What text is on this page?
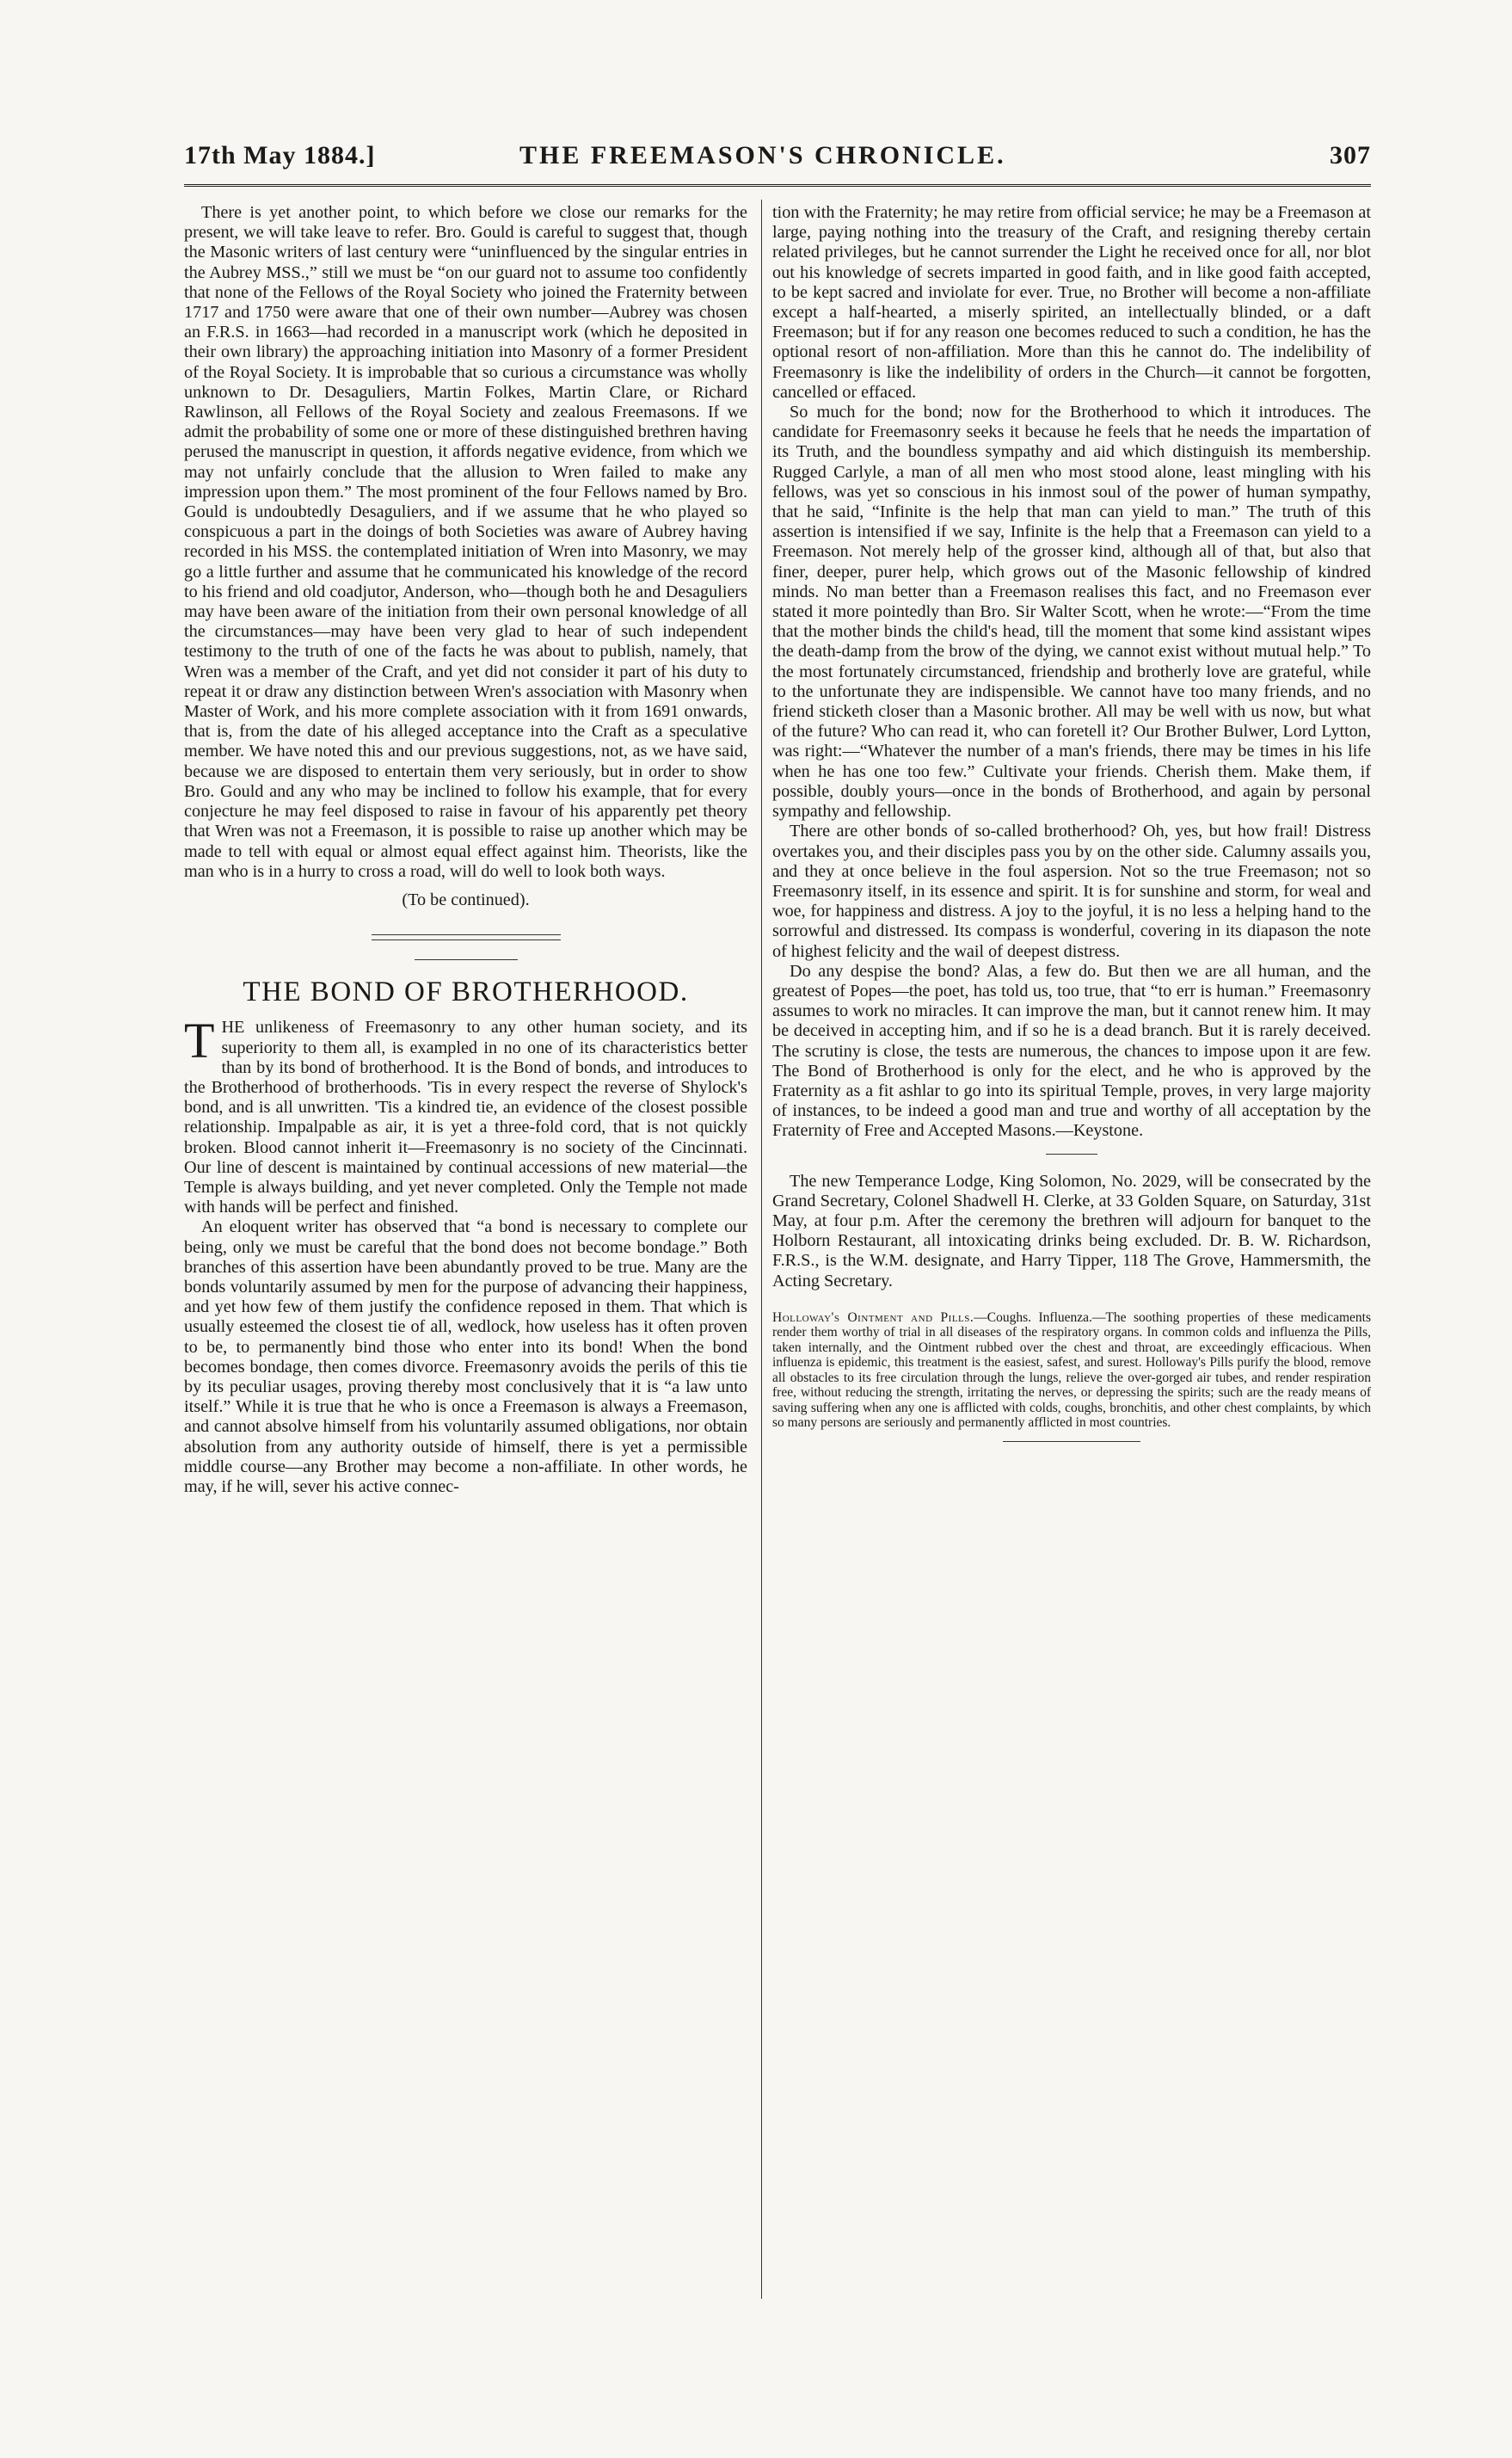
17th May 1884.]	THE FREEMASON'S CHRONICLE.	307

There is yet another point, to which before we close our remarks for the present, we will take leave to refer. Bro. Gould is careful to suggest that, though the Masonic writers of last century were “uninfluenced by the singular entries in the Aubrey MSS.,” still we must be “on our guard not to assume too confidently that none of the Fellows of the Royal Society who joined the Fraternity between 1717 and 1750 were aware that one of their own number—Aubrey was chosen an F.R.S. in 1663—had recorded in a manuscript work (which he deposited in their own library) the approaching initiation into Masonry of a former President of the Royal Society. It is improbable that so curious a circumstance was wholly unknown to Dr. Desaguliers, Martin Folkes, Martin Clare, or Richard Rawlinson, all Fellows of the Royal Society and zealous Freemasons. If we admit the probability of some one or more of these distinguished brethren having perused the manuscript in question, it affords negative evidence, from which we may not unfairly conclude that the allusion to Wren failed to make any impression upon them.” The most prominent of the four Fellows named by Bro. Gould is undoubtedly Desaguliers, and if we assume that he who played so conspicuous a part in the doings of both Societies was aware of Aubrey having recorded in his MSS. the contemplated initiation of Wren into Masonry, we may go a little further and assume that he communicated his knowledge of the record to his friend and old coadjutor, Anderson, who—though both he and Desaguliers may have been aware of the initiation from their own personal knowledge of all the circumstances—may have been very glad to hear of such independent testimony to the truth of one of the facts he was about to publish, namely, that Wren was a member of the Craft, and yet did not consider it part of his duty to repeat it or draw any distinction between Wren's association with Masonry when Master of Work, and his more complete association with it from 1691 onwards, that is, from the date of his alleged acceptance into the Craft as a speculative member. We have noted this and our previous suggestions, not, as we have said, because we are disposed to entertain them very seriously, but in order to show Bro. Gould and any who may be inclined to follow his example, that for every conjecture he may feel disposed to raise in favour of his apparently pet theory that Wren was not a Freemason, it is possible to raise up another which may be made to tell with equal or almost equal effect against him. Theorists, like the man who is in a hurry to cross a road, will do well to look both ways.

(To be continued).
THE BOND OF BROTHERHOOD.

THE unlikeness of Freemasonry to any other human society, and its superiority to them all, is exampled in no one of its characteristics better than by its bond of brotherhood. It is the Bond of bonds, and introduces to the Brotherhood of brotherhoods. 'Tis in every respect the reverse of Shylock's bond, and is all unwritten. 'Tis a kindred tie, an evidence of the closest possible relationship. Impalpable as air, it is yet a three-fold cord, that is not quickly broken. Blood cannot inherit it—Freemasonry is no society of the Cincinnati. Our line of descent is maintained by continual accessions of new material—the Temple is always building, and yet never completed. Only the Temple not made with hands will be perfect and finished.

An eloquent writer has observed that “a bond is necessary to complete our being, only we must be careful that the bond does not become bondage.” Both branches of this assertion have been abundantly proved to be true. Many are the bonds voluntarily assumed by men for the purpose of advancing their happiness, and yet how few of them justify the confidence reposed in them. That which is usually esteemed the closest tie of all, wedlock, how useless has it often proven to be, to permanently bind those who enter into its bond! When the bond becomes bondage, then comes divorce. Freemasonry avoids the perils of this tie by its peculiar usages, proving thereby most conclusively that it is “a law unto itself.” While it is true that he who is once a Freemason is always a Freemason, and cannot absolve himself from his voluntarily assumed obligations, nor obtain absolution from any authority outside of himself, there is yet a permissible middle course—any Brother may become a non-affiliate. In other words, he may, if he will, sever his active connec-

tion with the Fraternity; he may retire from official service; he may be a Freemason at large, paying nothing into the treasury of the Craft, and resigning thereby certain related privileges, but he cannot surrender the Light he received once for all, nor blot out his knowledge of secrets imparted in good faith, and in like good faith accepted, to be kept sacred and inviolate for ever. True, no Brother will become a non-affiliate except a half-hearted, a miserly spirited, an intellectually blinded, or a daft Freemason; but if for any reason one becomes reduced to such a condition, he has the optional resort of non-affiliation. More than this he cannot do. The indelibility of Freemasonry is like the indelibility of orders in the Church—it cannot be forgotten, cancelled or effaced.

So much for the bond; now for the Brotherhood to which it introduces. The candidate for Freemasonry seeks it because he feels that he needs the impartation of its Truth, and the boundless sympathy and aid which distinguish its membership. Rugged Carlyle, a man of all men who most stood alone, least mingling with his fellows, was yet so conscious in his inmost soul of the power of human sympathy, that he said, “Infinite is the help that man can yield to man.” The truth of this assertion is intensified if we say, Infinite is the help that a Freemason can yield to a Freemason. Not merely help of the grosser kind, although all of that, but also that finer, deeper, purer help, which grows out of the Masonic fellowship of kindred minds. No man better than a Freemason realises this fact, and no Freemason ever stated it more pointedly than Bro. Sir Walter Scott, when he wrote:—“From the time that the mother binds the child's head, till the moment that some kind assistant wipes the death-damp from the brow of the dying, we cannot exist without mutual help.” To the most fortunately circumstanced, friendship and brotherly love are grateful, while to the unfortunate they are indispensible. We cannot have too many friends, and no friend sticketh closer than a Masonic brother. All may be well with us now, but what of the future? Who can read it, who can foretell it? Our Brother Bulwer, Lord Lytton, was right:—“Whatever the number of a man's friends, there may be times in his life when he has one too few.” Cultivate your friends. Cherish them. Make them, if possible, doubly yours—once in the bonds of Brotherhood, and again by personal sympathy and fellowship.

There are other bonds of so-called brotherhood? Oh, yes, but how frail! Distress overtakes you, and their disciples pass you by on the other side. Calumny assails you, and they at once believe in the foul aspersion. Not so the true Freemason; not so Freemasonry itself, in its essence and spirit. It is for sunshine and storm, for weal and woe, for happiness and distress. A joy to the joyful, it is no less a helping hand to the sorrowful and distressed. Its compass is wonderful, covering in its diapason the note of highest felicity and the wail of deepest distress.

Do any despise the bond? Alas, a few do. But then we are all human, and the greatest of Popes—the poet, has told us, too true, that “to err is human.” Freemasonry assumes to work no miracles. It can improve the man, but it cannot renew him. It may be deceived in accepting him, and if so he is a dead branch. But it is rarely deceived. The scrutiny is close, the tests are numerous, the chances to impose upon it are few. The Bond of Brotherhood is only for the elect, and he who is approved by the Fraternity as a fit ashlar to go into its spiritual Temple, proves, in very large majority of instances, to be indeed a good man and true and worthy of all acceptation by the Fraternity of Free and Accepted Masons.—Keystone.

The new Temperance Lodge, King Solomon, No. 2029, will be consecrated by the Grand Secretary, Colonel Shadwell H. Clerke, at 33 Golden Square, on Saturday, 31st May, at four p.m. After the ceremony the brethren will adjourn for banquet to the Holborn Restaurant, all intoxicating drinks being excluded. Dr. B. W. Richardson, F.R.S., is the W.M. designate, and Harry Tipper, 118 The Grove, Hammersmith, the Acting Secretary.

Holloway's Ointment and Pills.—Coughs. Influenza.—The soothing properties of these medicaments render them worthy of trial in all diseases of the respiratory organs. In common colds and influenza the Pills, taken internally, and the Ointment rubbed over the chest and throat, are exceedingly efficacious. When influenza is epidemic, this treatment is the easiest, safest, and surest. Holloway's Pills purify the blood, remove all obstacles to its free circulation through the lungs, relieve the over-gorged air tubes, and render respiration free, without reducing the strength, irritating the nerves, or depressing the spirits; such are the ready means of saving suffering when any one is afflicted with colds, coughs, bronchitis, and other chest complaints, by which so many persons are seriously and permanently afflicted in most countries.
